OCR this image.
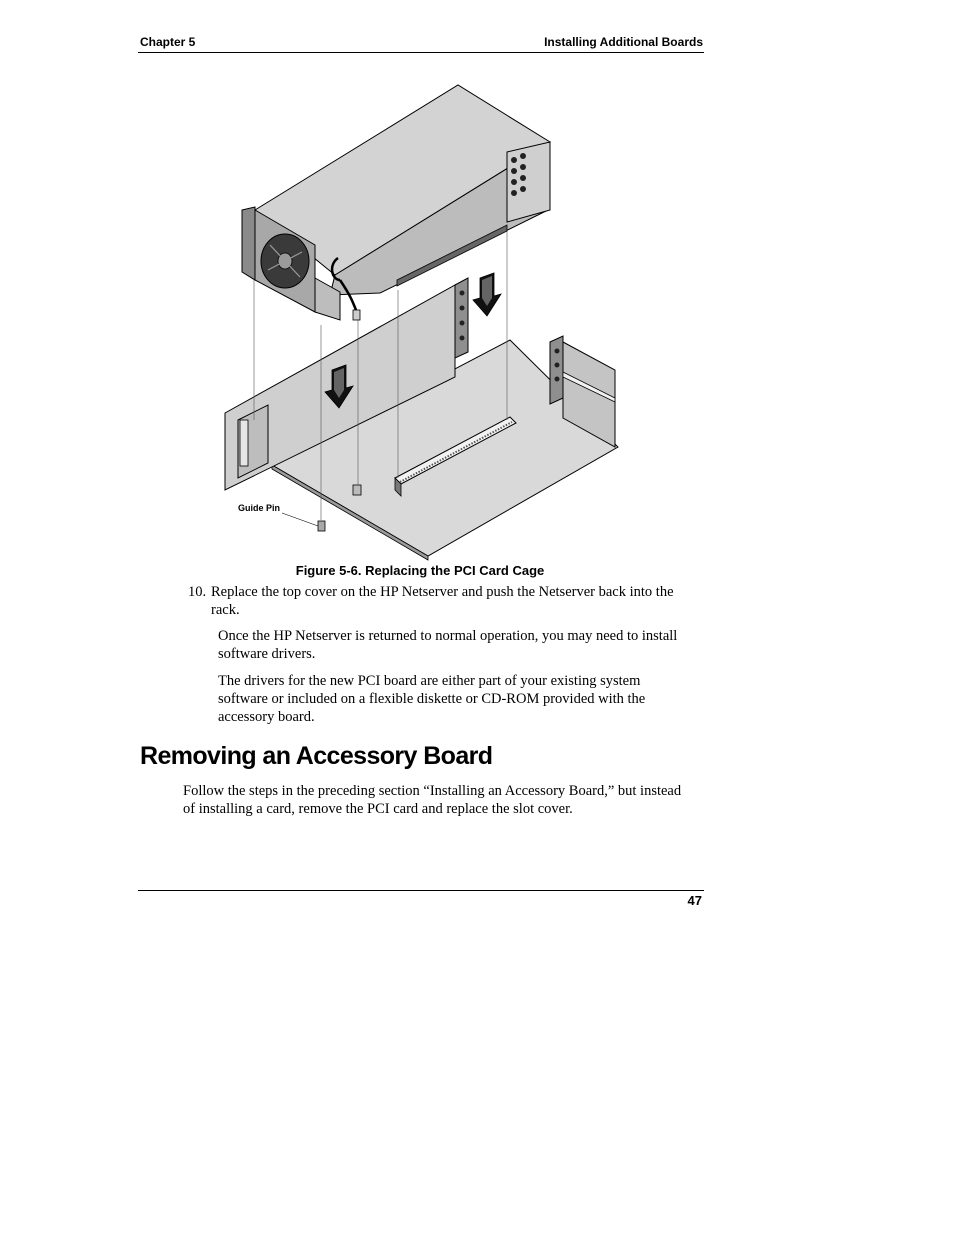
Chapter 5	Installing Additional Boards
Guide Pin
Figure 5-6. Replacing the PCI Card Cage
10. Replace the top cover on the HP Netserver and push the Netserver back into the rack.

Once the HP Netserver is returned to normal operation, you may need to install software drivers.

The drivers for the new PCI board are either part of your existing system software or included on a flexible diskette or CD-ROM provided with the accessory board.

Removing an Accessory Board

Follow the steps in the preceding section “Installing an Accessory Board,” but instead of installing a card, remove the PCI card and replace the slot cover.

47
